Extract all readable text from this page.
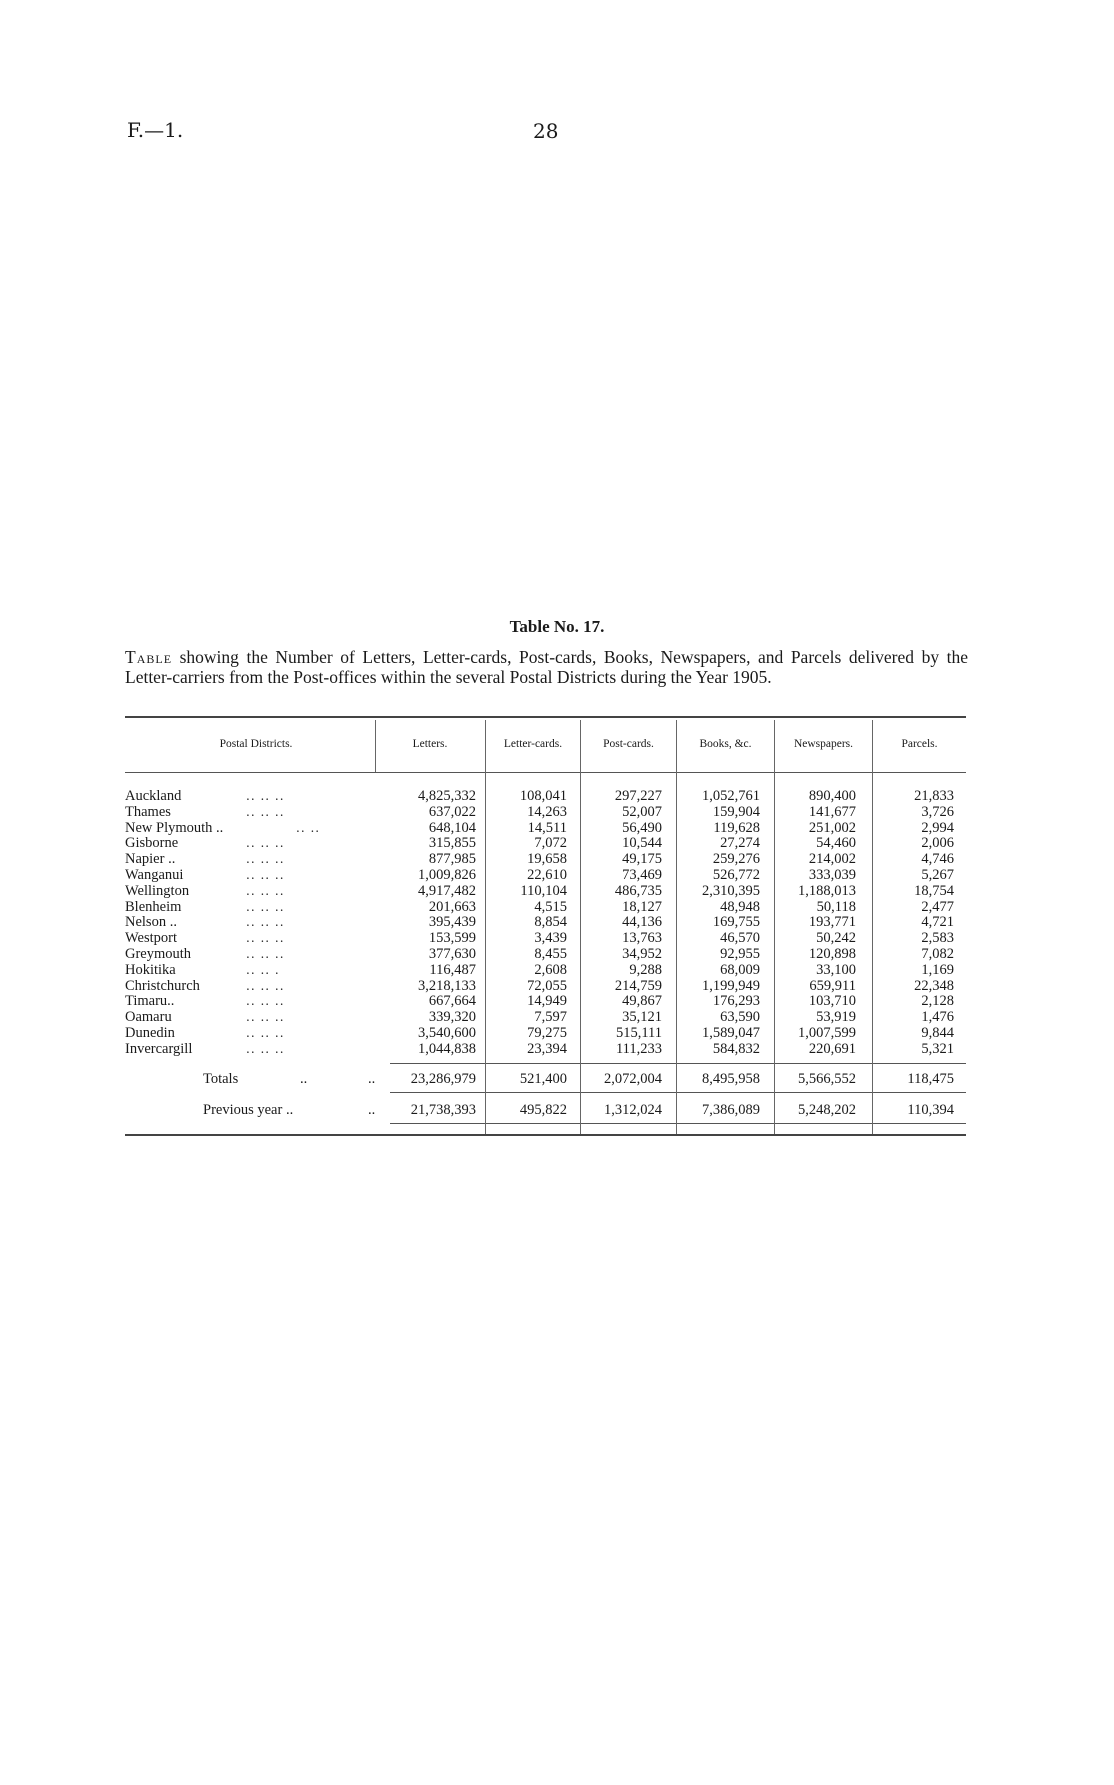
F.—1.	28
Table No. 17.
Table showing the Number of Letters, Letter-cards, Post-cards, Books, Newspapers, and Parcels delivered by the Letter-carriers from the Post-offices within the several Postal Districts during the Year 1905.
Postal Districts.	Letters.	Letter-cards.	Post-cards.	Books, &c.	Newspapers.	Parcels.
Auckland	.. .. ..	4,825,332	108,041	297,227	1,052,761	890,400	21,833
Thames	.. .. ..	637,022	14,263	52,007	159,904	141,677	3,726
New Plymouth ..	.. ..	648,104	14,511	56,490	119,628	251,002	2,994
Gisborne	.. .. ..	315,855	7,072	10,544	27,274	54,460	2,006
Napier ..	.. .. ..	877,985	19,658	49,175	259,276	214,002	4,746
Wanganui	.. .. ..	1,009,826	22,610	73,469	526,772	333,039	5,267
Wellington	.. .. ..	4,917,482	110,104	486,735	2,310,395	1,188,013	18,754
Blenheim	.. .. ..	201,663	4,515	18,127	48,948	50,118	2,477
Nelson ..	.. .. ..	395,439	8,854	44,136	169,755	193,771	4,721
Westport	.. .. ..	153,599	3,439	13,763	46,570	50,242	2,583
Greymouth	.. .. ..	377,630	8,455	34,952	92,955	120,898	7,082
Hokitika	.. .. .	116,487	2,608	9,288	68,009	33,100	1,169
Christchurch	.. .. ..	3,218,133	72,055	214,759	1,199,949	659,911	22,348
Timaru..	.. .. ..	667,664	14,949	49,867	176,293	103,710	2,128
Oamaru	.. .. ..	339,320	7,597	35,121	63,590	53,919	1,476
Dunedin	.. .. ..	3,540,600	79,275	515,111	1,589,047	1,007,599	9,844
Invercargill	.. .. ..	1,044,838	23,394	111,233	584,832	220,691	5,321
Totals	..	.. 23,286,979	521,400	2,072,004	8,495,958	5,566,552	118,475
Previous year ..	.. 21,738,393	495,822	1,312,024	7,386,089	5,248,202	110,394
